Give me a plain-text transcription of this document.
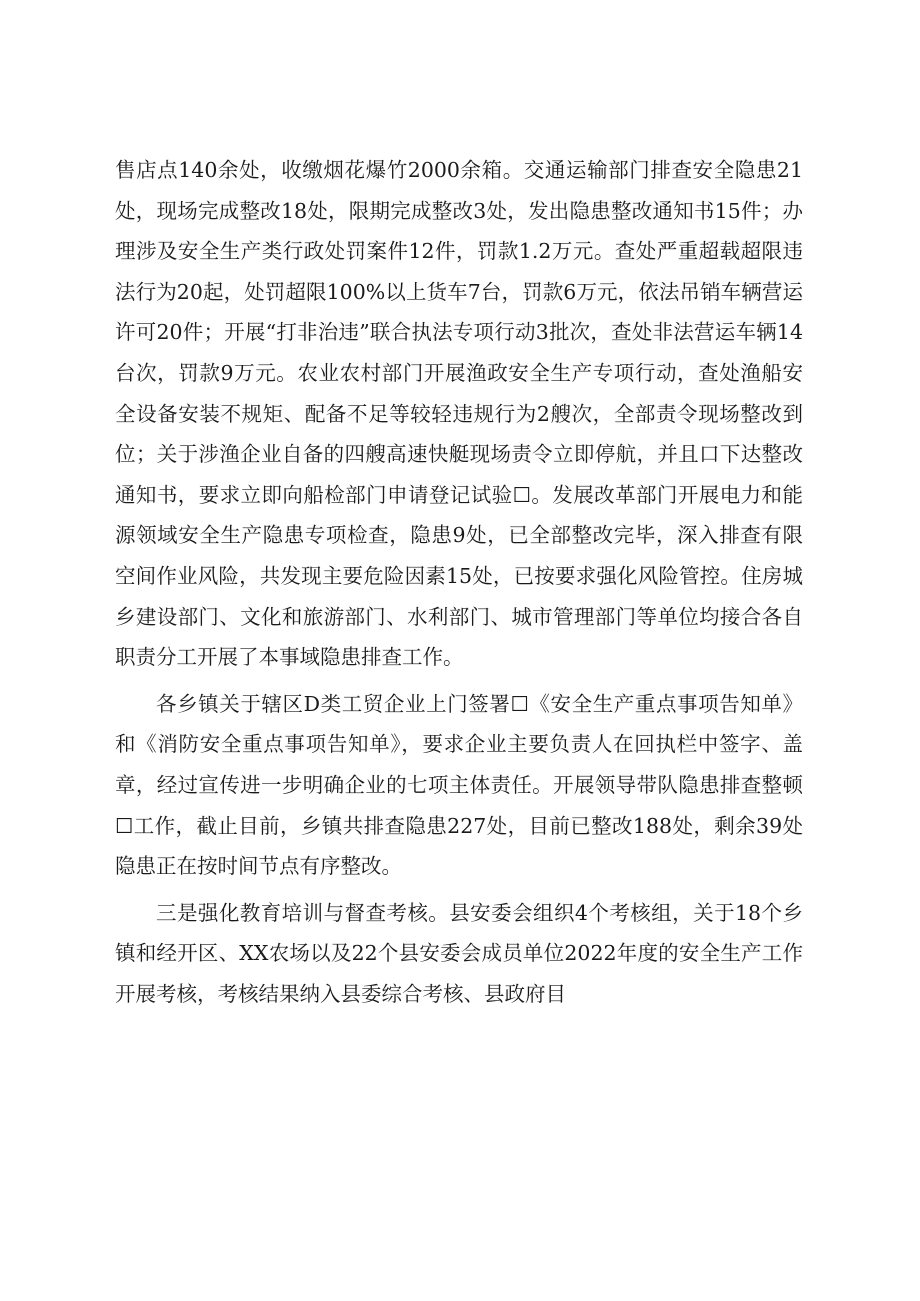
售店点140余处，收缴烟花爆竹2000余箱。交通运输部门排查安全隐患21处，现场完成整改18处，限期完成整改3处，发出隐患整改通知书15件；办理涉及安全生产类行政处罚案件12件，罚款1.2万元。查处严重超载超限违法行为20起，处罚超限100%以上货车7台，罚款6万元，依法吊销车辆营运许可20件；开展“打非治违”联合执法专项行动3批次，查处非法营运车辆14台次，罚款9万元。农业农村部门开展渔政安全生产专项行动，查处渔船安全设备安装不规矩、配备不足等较轻违规行为2艘次，全部责令现场整改到位；关于涉渔企业自备的四艘高速快艇现场责令立即停航，并且口下达整改通知书，要求立即向船检部门申请登记试验☐。发展改革部门开展电力和能源领域安全生产隐患专项检查，隐患9处，已全部整改完毕，深入排查有限空间作业风险，共发现主要危险因素15处，已按要求强化风险管控。住房城乡建设部门、文化和旅游部门、水利部门、城市管理部门等单位均接合各自职责分工开展了本事域隐患排查工作。

各乡镇关于辖区D类工贸企业上门签署☐《安全生产重点事项告知单》和《消防安全重点事项告知单》，要求企业主要负责人在回执栏中签字、盖章，经过宣传进一步明确企业的七项主体责任。开展领导带队隐患排查整顿☐工作，截止目前，乡镇共排查隐患227处，目前已整改188处，剩余39处隐患正在按时间节点有序整改。

三是强化教育培训与督查考核。县安委会组织4个考核组，关于18个乡镇和经开区、XX农场以及22个县安委会成员单位2022年度的安全生产工作开展考核，考核结果纳入县委综合考核、县政府目
